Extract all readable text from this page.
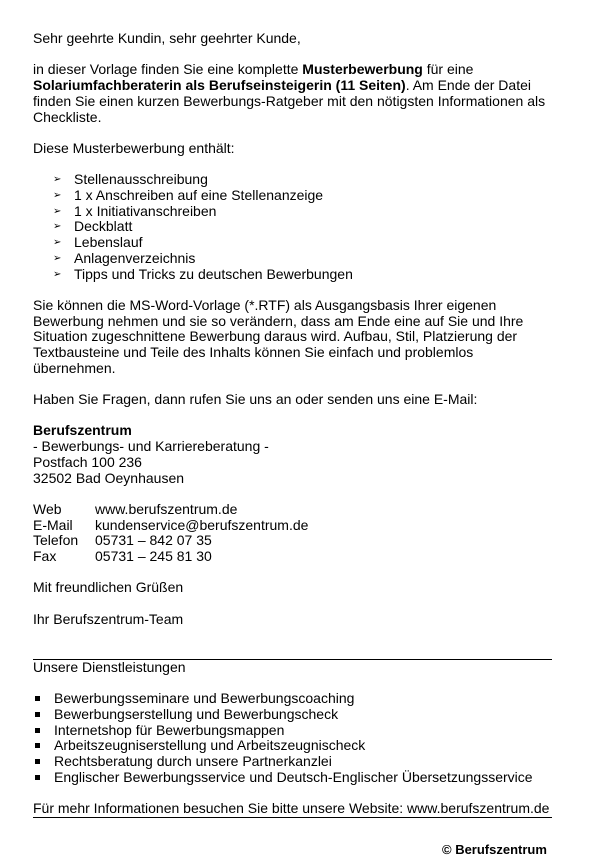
Sehr geehrte Kundin, sehr geehrter Kunde,

in dieser Vorlage finden Sie eine komplette Musterbewerbung für eine Solariumfachberaterin als Berufseinsteigerin (11 Seiten). Am Ende der Datei finden Sie einen kurzen Bewerbungs-Ratgeber mit den nötigsten Informationen als Checkliste.

Diese Musterbewerbung enthält:

➢ Stellenausschreibung
➢ 1 x Anschreiben auf eine Stellenanzeige
➢ 1 x Initiativanschreiben
➢ Deckblatt
➢ Lebenslauf
➢ Anlagenverzeichnis
➢ Tipps und Tricks zu deutschen Bewerbungen

Sie können die MS-Word-Vorlage (*.RTF) als Ausgangsbasis Ihrer eigenen Bewerbung nehmen und sie so verändern, dass am Ende eine auf Sie und Ihre Situation zugeschnittene Bewerbung daraus wird. Aufbau, Stil, Platzierung der Textbausteine und Teile des Inhalts können Sie einfach und problemlos übernehmen.

Haben Sie Fragen, dann rufen Sie uns an oder senden uns eine E-Mail:

Berufszentrum

- Bewerbungs- und Karriereberatung -

Postfach 100 236

32502 Bad Oeynhausen

Web	www.berufszentrum.de
E-Mail	kundenservice@berufszentrum.de
Telefon	05731 – 842 07 35
Fax	05731 – 245 81 30

Mit freundlichen Grüßen

Ihr Berufszentrum-Team

Unsere Dienstleistungen

Bewerbungsseminare und Bewerbungscoaching
Bewerbungserstellung und Bewerbungscheck
Internetshop für Bewerbungsmappen
Arbeitszeugniserstellung und Arbeitszeugnischeck
Rechtsberatung durch unsere Partnerkanzlei
Englischer Bewerbungsservice und Deutsch-Englischer Übersetzungsservice

Für mehr Informationen besuchen Sie bitte unsere Website: www.berufszentrum.de

© Berufszentrum
